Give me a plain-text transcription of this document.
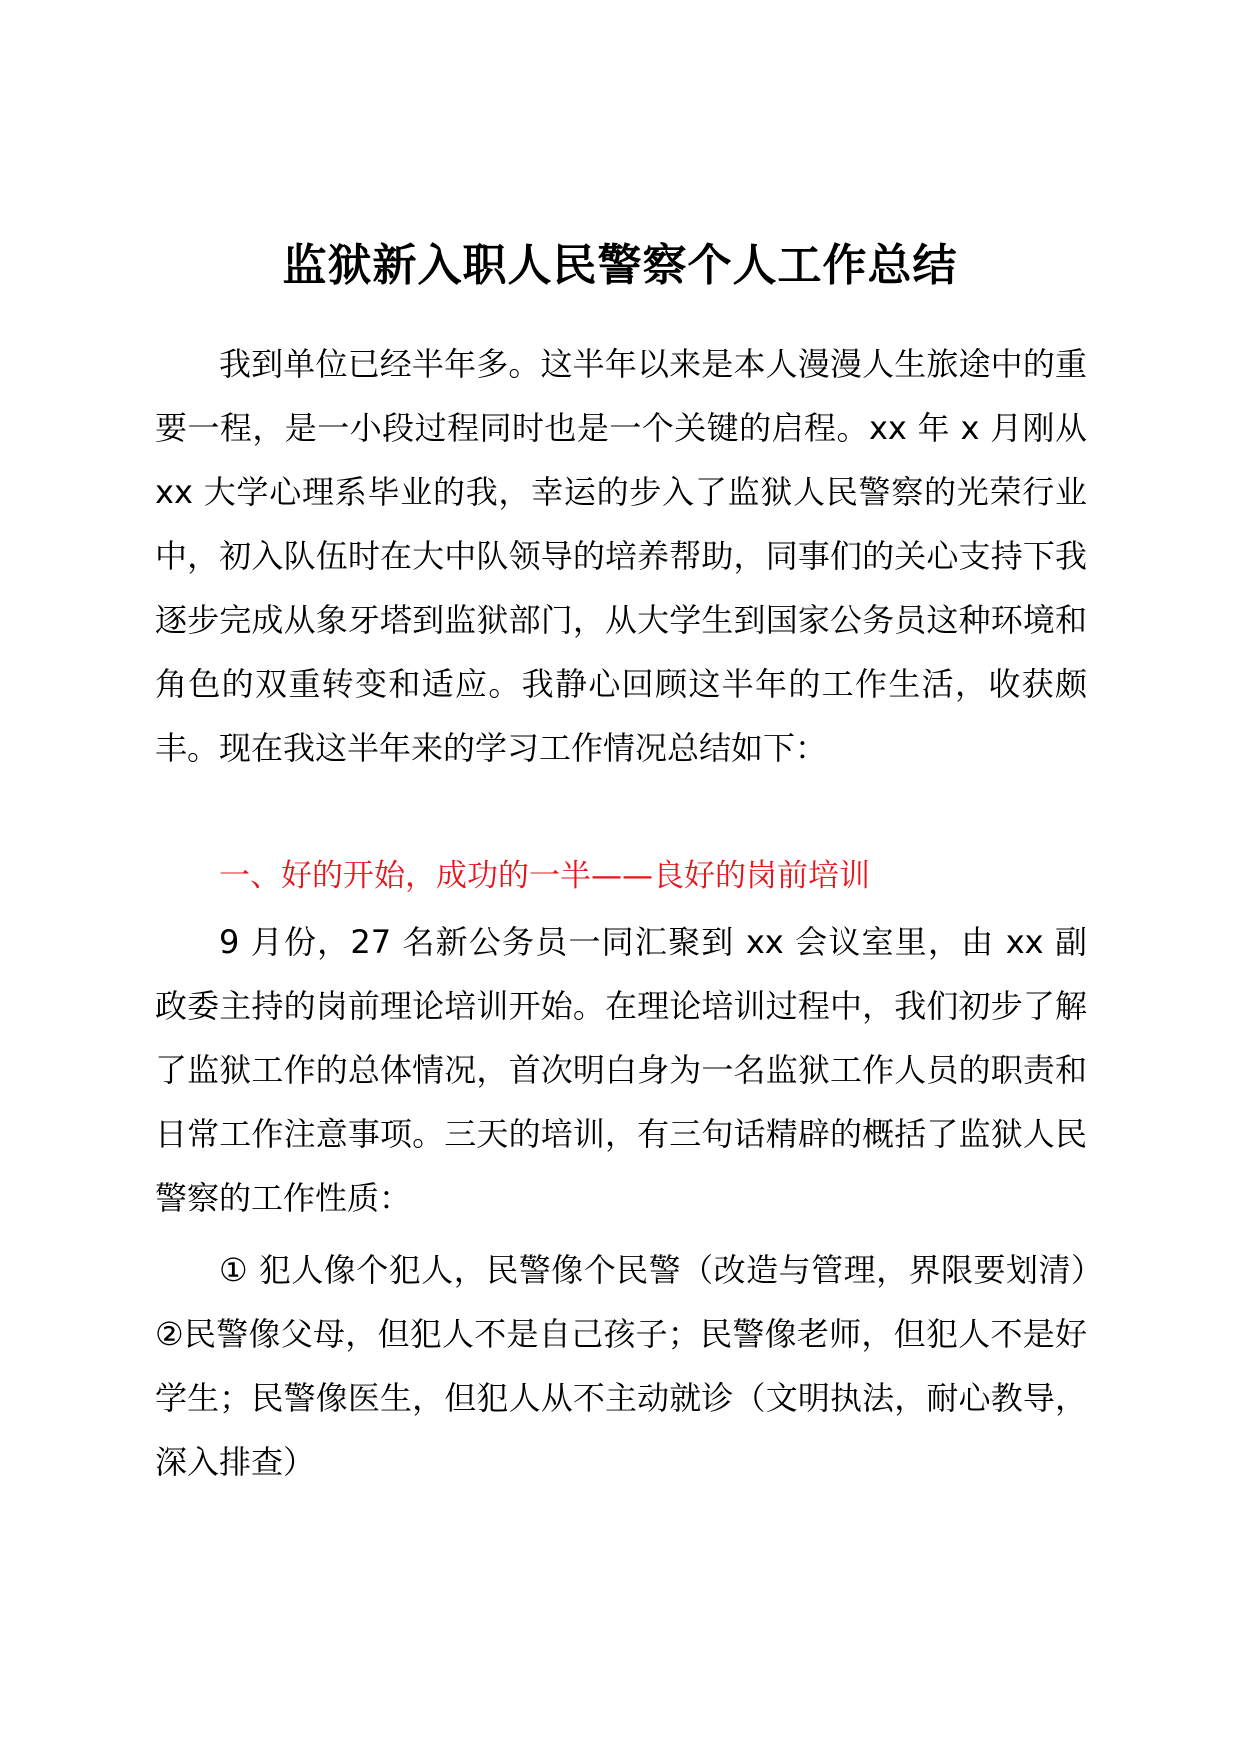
监狱新入职人民警察个人工作总结

我到单位已经半年多。这半年以来是本人漫漫人生旅途中的重要一程，是一小段过程同时也是一个关键的启程。xx 年 x 月刚从 xx 大学心理系毕业的我，幸运的步入了监狱人民警察的光荣行业中，初入队伍时在大中队领导的培养帮助，同事们的关心支持下我逐步完成从象牙塔到监狱部门，从大学生到国家公务员这种环境和角色的双重转变和适应。我静心回顾这半年的工作生活，收获颇丰。现在我这半年来的学习工作情况总结如下：

一、好的开始，成功的一半——良好的岗前培训

9 月份，27 名新公务员一同汇聚到 xx 会议室里，由 xx 副政委主持的岗前理论培训开始。在理论培训过程中，我们初步了解了监狱工作的总体情况，首次明白身为一名监狱工作人员的职责和日常工作注意事项。三天的培训，有三句话精辟的概括了监狱人民警察的工作性质：

① 犯人像个犯人，民警像个民警（改造与管理，界限要划清）②民警像父母，但犯人不是自己孩子；民警像老师，但犯人不是好学生；民警像医生，但犯人从不主动就诊（文明执法，耐心教导，深入排查）
